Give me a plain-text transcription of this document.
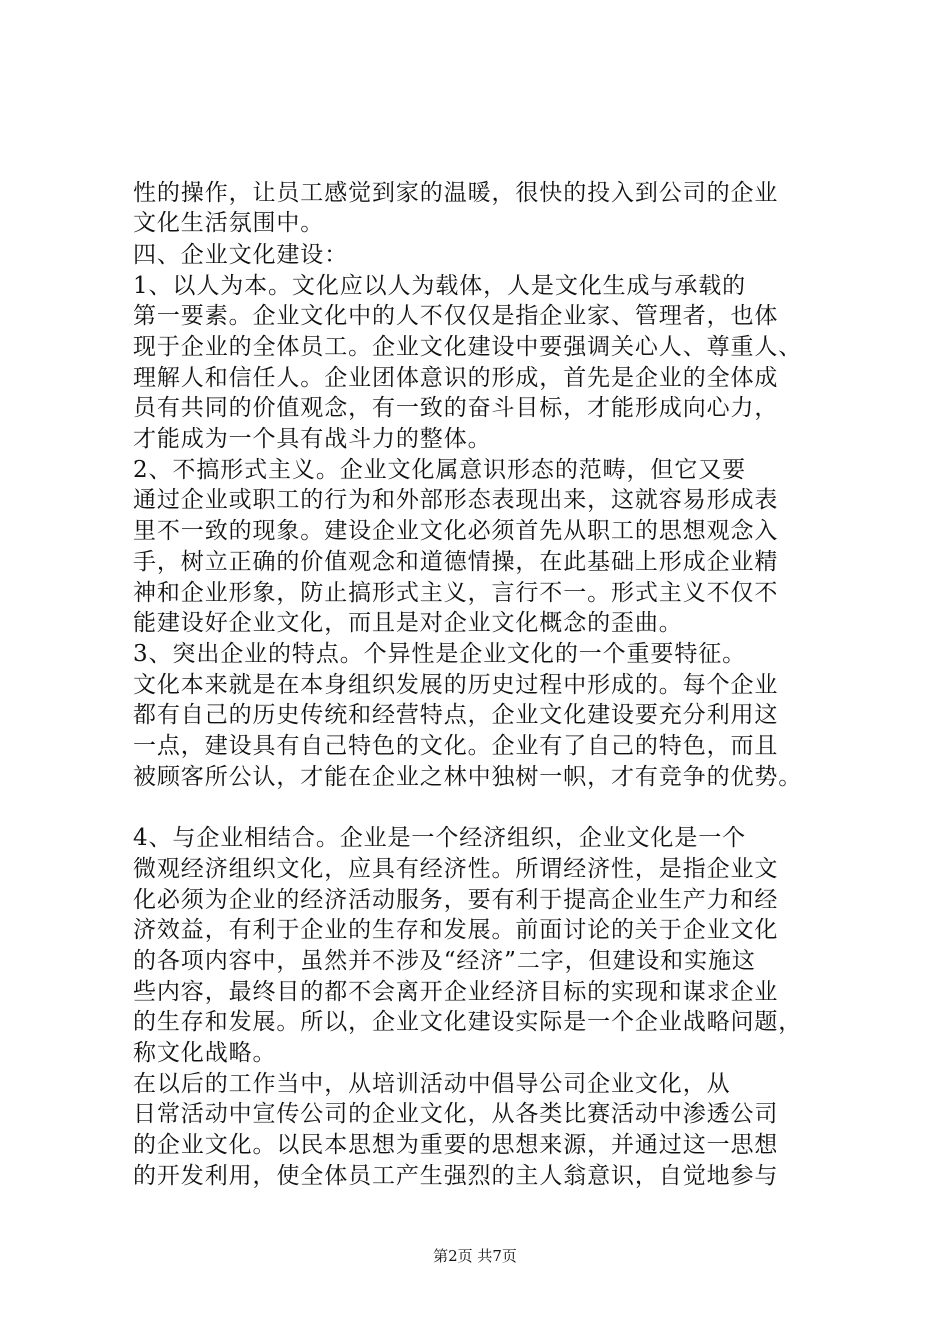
性的操作，让员工感觉到家的温暖，很快的投入到公司的企业
文化生活氛围中。
四、企业文化建设：
1、以人为本。文化应以人为载体，人是文化生成与承载的
第一要素。企业文化中的人不仅仅是指企业家、管理者，也体
现于企业的全体员工。企业文化建设中要强调关心人、尊重人、
理解人和信任人。企业团体意识的形成，首先是企业的全体成
员有共同的价值观念，有一致的奋斗目标，才能形成向心力，
才能成为一个具有战斗力的整体。
2、不搞形式主义。企业文化属意识形态的范畴，但它又要
通过企业或职工的行为和外部形态表现出来，这就容易形成表
里不一致的现象。建设企业文化必须首先从职工的思想观念入
手，树立正确的价值观念和道德情操，在此基础上形成企业精
神和企业形象，防止搞形式主义，言行不一。形式主义不仅不
能建设好企业文化，而且是对企业文化概念的歪曲。
3、突出企业的特点。个异性是企业文化的一个重要特征。
文化本来就是在本身组织发展的历史过程中形成的。每个企业
都有自己的历史传统和经营特点，企业文化建设要充分利用这
一点，建设具有自己特色的文化。企业有了自己的特色，而且
被顾客所公认，才能在企业之林中独树一帜，才有竞争的优势。
4、与企业相结合。企业是一个经济组织，企业文化是一个
微观经济组织文化，应具有经济性。所谓经济性，是指企业文
化必须为企业的经济活动服务，要有利于提高企业生产力和经
济效益，有利于企业的生存和发展。前面讨论的关于企业文化
的各项内容中，虽然并不涉及“经济”二字，但建设和实施这
些内容，最终目的都不会离开企业经济目标的实现和谋求企业
的生存和发展。所以，企业文化建设实际是一个企业战略问题，
称文化战略。
在以后的工作当中，从培训活动中倡导公司企业文化，从
日常活动中宣传公司的企业文化，从各类比赛活动中渗透公司
的企业文化。以民本思想为重要的思想来源，并通过这一思想
的开发利用，使全体员工产生强烈的主人翁意识，自觉地参与
第2页 共7页
